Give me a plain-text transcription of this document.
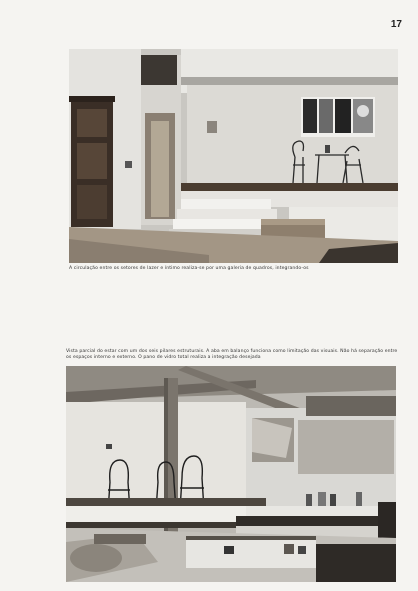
17
A circulação entre os setores de lazer e íntimo realiza-se por uma galeria de quadros, integrando-os
Vista parcial do estar com um dos seis pilares estruturais. A aba em balanço funciona como limitação das visuais. Não há separação entre os espaços interno e externo. O pano de vidro total realiza a integração desejada
